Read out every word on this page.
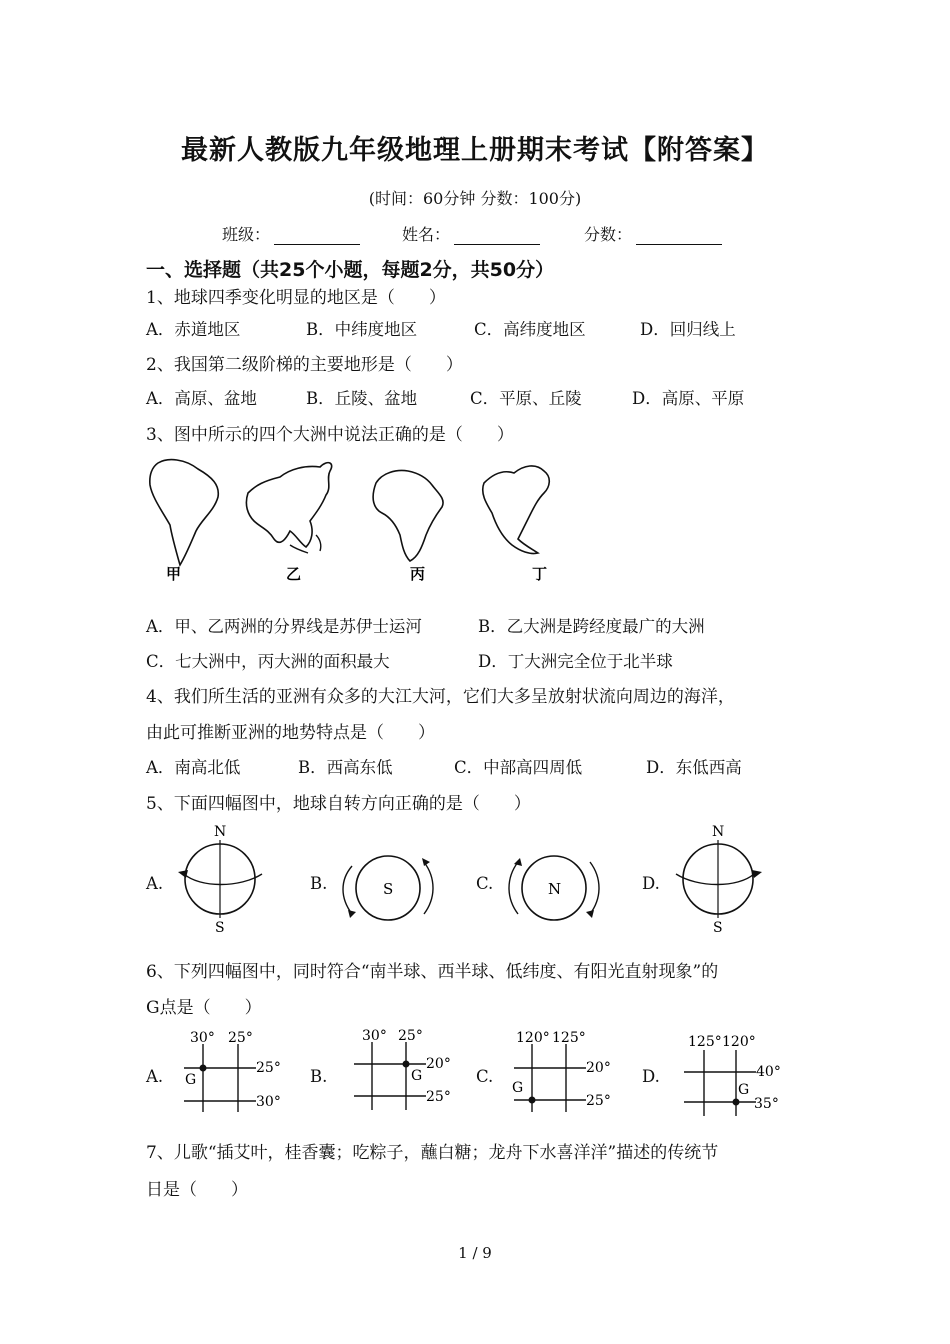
最新人教版九年级地理上册期末考试【附答案】
(时间：60分钟 分数：100分)
班级：	姓名：	分数：
一、选择题（共25个小题，每题2分，共50分）
1、地球四季变化明显的地区是（　　）
A．赤道地区	B．中纬度地区	C．高纬度地区	D．回归线上
2、我国第二级阶梯的主要地形是（　　）
A．高原、盆地	B．丘陵、盆地	C．平原、丘陵	D．高原、平原
3、图中所示的四个大洲中说法正确的是（　　）
甲	乙	丙	丁
A．甲、乙两洲的分界线是苏伊士运河	B．乙大洲是跨经度最广的大洲
C．七大洲中，丙大洲的面积最大	D．丁大洲完全位于北半球
4、我们所生活的亚洲有众多的大江大河，它们大多呈放射状流向周边的海洋，
由此可推断亚洲的地势特点是（　　）
A．南高北低	B．西高东低	C．中部高四周低	D．东低西高
5、下面四幅图中，地球自转方向正确的是（　　）
A.	B.	C.	D.
N
S
S	N
N
S
6、下列四幅图中，同时符合“南半球、西半球、低纬度、有阳光直射现象”的
G点是（　　）
A.	B.	C.	D.
30° 25°
25°
30°
G
30° 25°
20°
25°
G
120° 125°
20°
25°
G
125° 120°
40°
35°
G
7、儿歌“插艾叶，桂香囊；吃粽子，蘸白糖；龙舟下水喜洋洋”描述的传统节
日是（　　）
1 / 9
